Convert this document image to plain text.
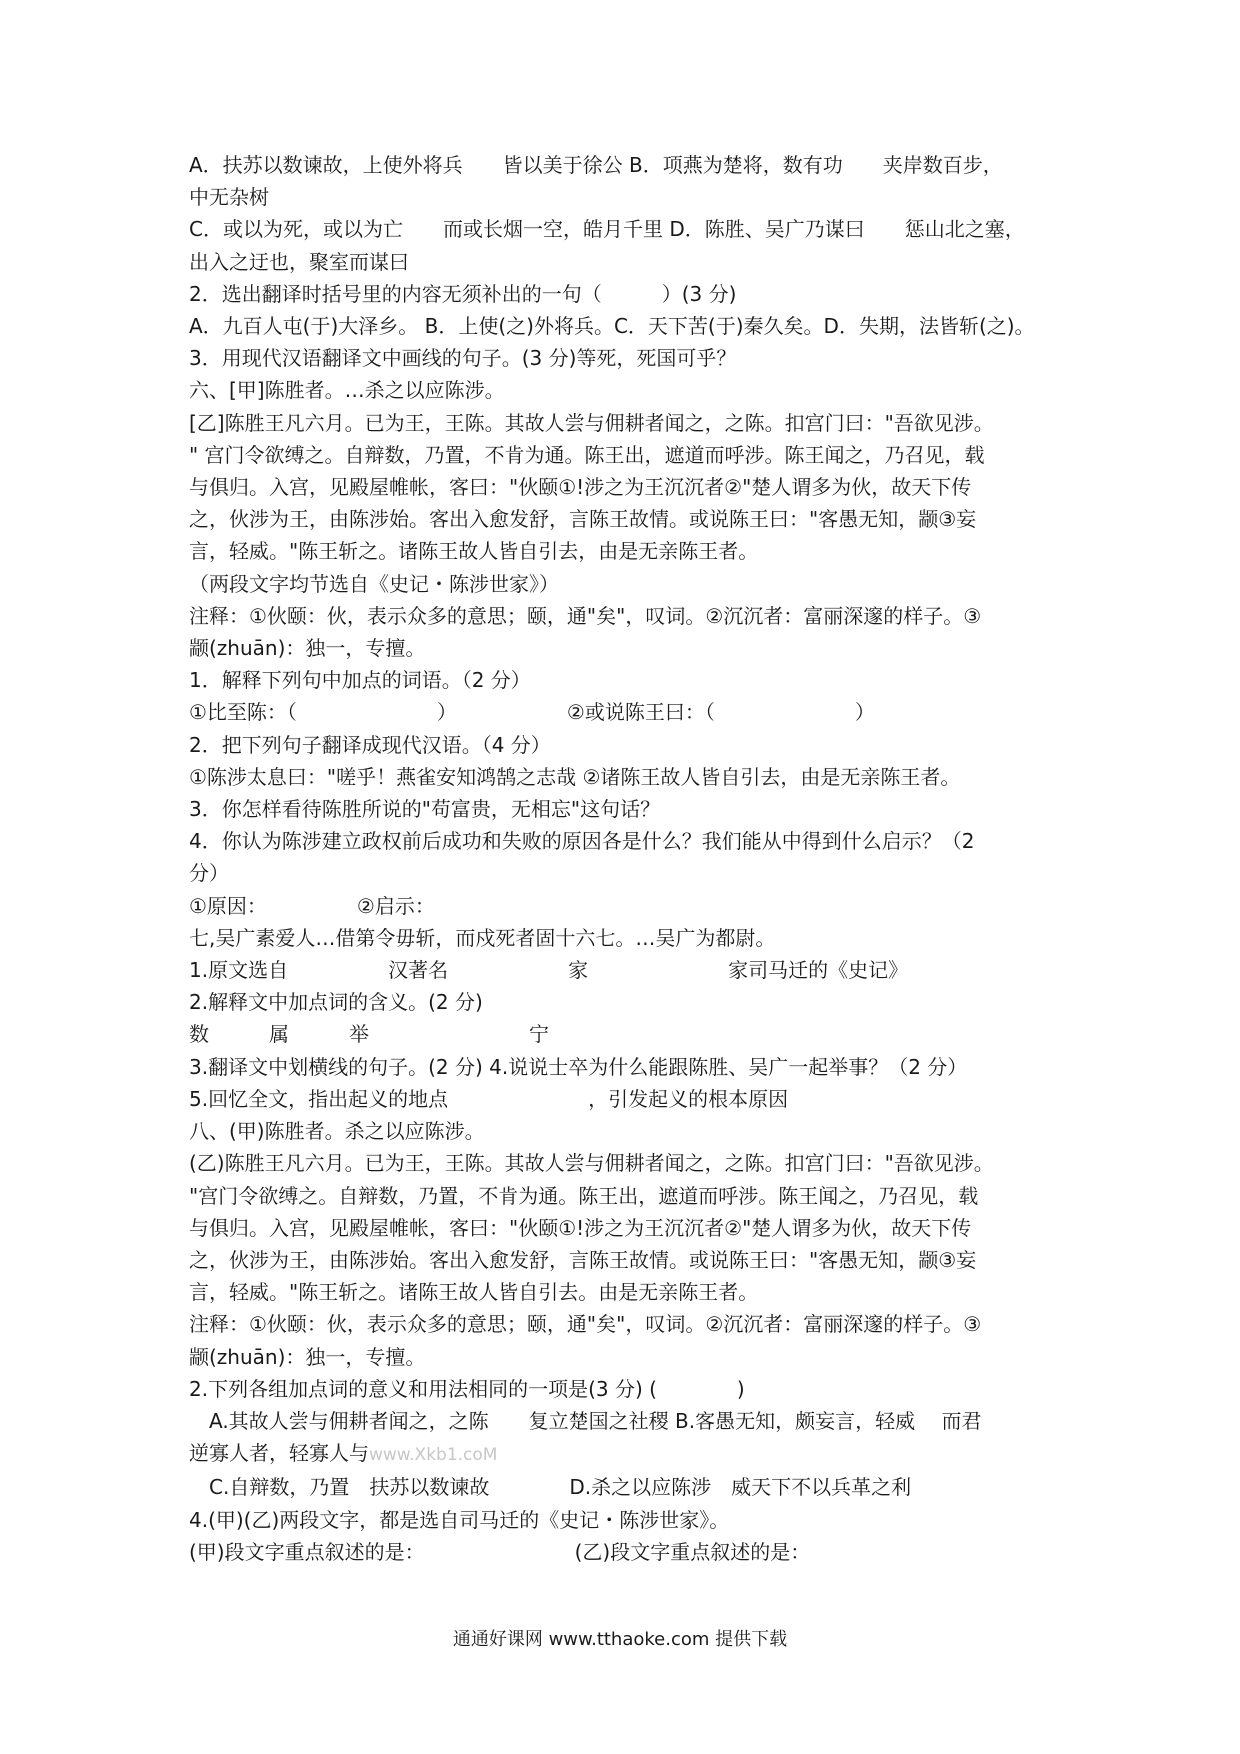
A．扶苏以数谏故，上使外将兵　　皆以美于徐公 B．项燕为楚将，数有功　　夹岸数百步，

中无杂树

C．或以为死，或以为亡　　而或长烟一空，皓月千里 D．陈胜、吴广乃谋曰　　惩山北之塞，

出入之迂也，聚室而谋曰

2．选出翻译时括号里的内容无须补出的一句（　　　）(3 分)

A．九百人屯(于)大泽乡。 B．上使(之)外将兵。C．天下苦(于)秦久矣。D．失期，法皆斩(之)。

3．用现代汉语翻译文中画线的句子。(3 分)等死，死国可乎？

六、[甲]陈胜者。…杀之以应陈涉。

[乙]陈胜王凡六月。已为王，王陈。其故人尝与佣耕者闻之，之陈。扣宫门曰："吾欲见涉。

" 宫门令欲缚之。自辩数，乃置，不肯为通。陈王出，遮道而呼涉。陈王闻之，乃召见，载

与俱归。入宫，见殿屋帷帐，客曰："伙颐①!涉之为王沉沉者②"楚人谓多为伙，故天下传

之，伙涉为王，由陈涉始。客出入愈发舒，言陈王故情。或说陈王曰："客愚无知，颛③妄

言，轻威。"陈王斩之。诸陈王故人皆自引去，由是无亲陈王者。

（两段文字均节选自《史记・陈涉世家》）

注释：①伙颐：伙，表示众多的意思；颐，通"矣"，叹词。②沉沉者：富丽深邃的样子。③

颛(zhuān)：独一，专擅。

1．解释下列句中加点的词语。（2 分）

①比至陈：（　　　　　　　）　　　　　　②或说陈王曰：（　　　　　　　）

2．把下列句子翻译成现代汉语。（4 分）

①陈涉太息曰："嗟乎！燕雀安知鸿鹄之志哉 ②诸陈王故人皆自引去，由是无亲陈王者。

3．你怎样看待陈胜所说的"苟富贵，无相忘"这句话？

4．你认为陈涉建立政权前后成功和失败的原因各是什么？我们能从中得到什么启示？（2

分）

①原因：　　　　　②启示：

七,吴广素爱人…借第令毋斩，而戍死者固十六七。…吴广为都尉。

1.原文选自　　　　　汉著名　　　　　　家　　　　　　　家司马迁的《史记》

2.解释文中加点词的含义。(2 分)

数　　　属　　　举　　　　　　　　宁

3.翻译文中划横线的句子。(2 分) 4.说说士卒为什么能跟陈胜、吴广一起举事？（2 分）

5.回忆全文，指出起义的地点　　　　　　　，引发起义的根本原因

八、(甲)陈胜者。杀之以应陈涉。

(乙)陈胜王凡六月。已为王，王陈。其故人尝与佣耕者闻之，之陈。扣宫门曰："吾欲见涉。

"宫门令欲缚之。自辩数，乃置，不肯为通。陈王出，遮道而呼涉。陈王闻之，乃召见，载

与俱归。入宫，见殿屋帷帐，客曰："伙颐①!涉之为王沉沉者②"楚人谓多为伙，故天下传

之，伙涉为王，由陈涉始。客出入愈发舒，言陈王故情。或说陈王曰："客愚无知，颛③妄

言，轻威。"陈王斩之。诸陈王故人皆自引去。由是无亲陈王者。

注释：①伙颐：伙，表示众多的意思；颐，通"矣"，叹词。②沉沉者：富丽深邃的样子。③

颛(zhuān)：独一，专擅。

2.下列各组加点词的意义和用法相同的一项是(3 分) (　　　　)

　A.其故人尝与佣耕者闻之，之陈　　复立楚国之社稷 B.客愚无知，颇妄言，轻威　 而君

逆寡人者，轻寡人与www.Xkb1.coM

　C.自辩数，乃置　扶苏以数谏故　　　　D.杀之以应陈涉　威天下不以兵革之利

4.(甲)(乙)两段文字，都是选自司马迁的《史记・陈涉世家》。

(甲)段文字重点叙述的是：　　　　　　　　(乙)段文字重点叙述的是：

通通好课网 www.tthaoke.com 提供下载
